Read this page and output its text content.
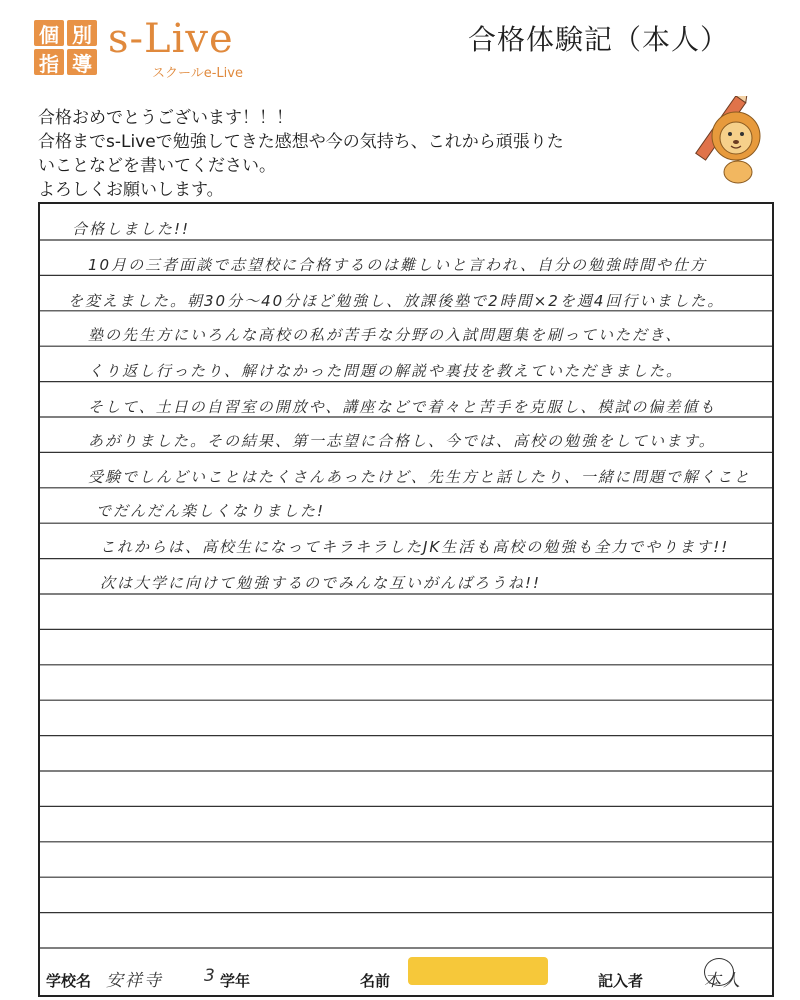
個 別
指 導
s-Live
スクールe-Live
合格体験記（本人）

合格おめでとうございます！！！

合格までs-Liveで勉強してきた感想や今の気持ち、これから頑張りた

いことなどを書いてください。

よろしくお願いします。

合格しました!!
10月の三者面談で志望校に合格するのは難しいと言われ、自分の勉強時間や仕方
を変えました。朝30分～40分ほど勉強し、放課後塾で2時間×2を週4回行いました。
塾の先生方にいろんな高校の私が苦手な分野の入試問題集を刷っていただき、
くり返し行ったり、解けなかった問題の解説や裏技を教えていただきました。
そして、土日の自習室の開放や、講座などで着々と苦手を克服し、模試の偏差値も
あがりました。その結果、第一志望に合格し、今では、高校の勉強をしています。
受験でしんどいことはたくさんあったけど、先生方と話したり、一緒に問題で解くこと
でだんだん楽しくなりました!
これからは、高校生になってキラキラしたJK生活も高校の勉強も全力でやります!!
次は大学に向けて勉強するのでみんな互いがんばろうね!!
学校名 安祥寺 3 学年	名前	記入者	本人
